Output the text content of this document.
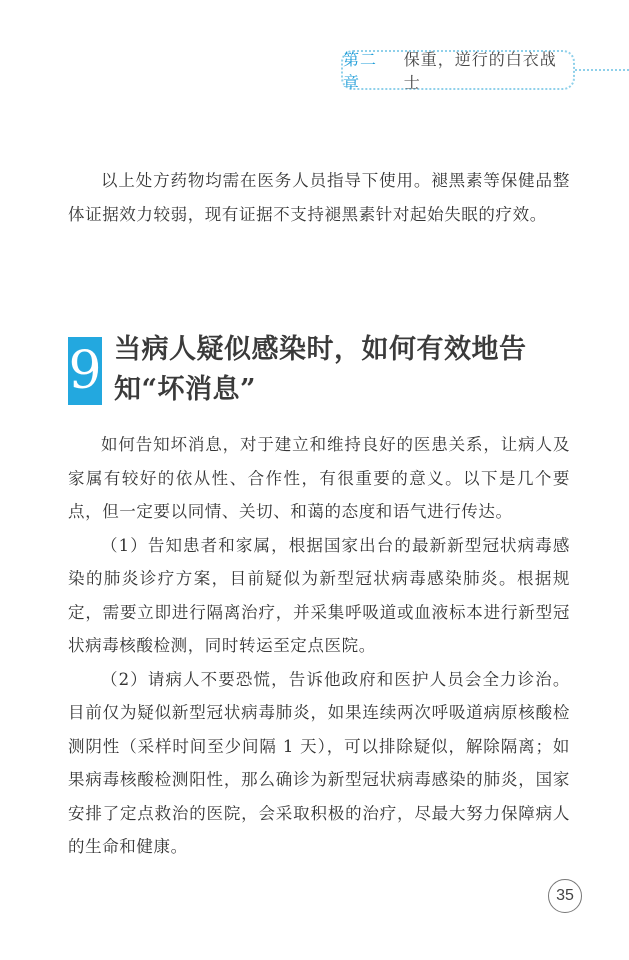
第二章
保重，逆行的白衣战士

以上处方药物均需在医务人员指导下使用。褪黑素等保健品整体证据效力较弱，现有证据不支持褪黑素针对起始失眠的疗效。

9 当病人疑似感染时，如何有效地告知“坏消息”

如何告知坏消息，对于建立和维持良好的医患关系，让病人及家属有较好的依从性、合作性，有很重要的意义。以下是几个要点，但一定要以同情、关切、和蔼的态度和语气进行传达。

（1）告知患者和家属，根据国家出台的最新新型冠状病毒感染的肺炎诊疗方案，目前疑似为新型冠状病毒感染肺炎。根据规定，需要立即进行隔离治疗，并采集呼吸道或血液标本进行新型冠状病毒核酸检测，同时转运至定点医院。

（2）请病人不要恐慌，告诉他政府和医护人员会全力诊治。目前仅为疑似新型冠状病毒肺炎，如果连续两次呼吸道病原核酸检测阴性（采样时间至少间隔 1 天），可以排除疑似，解除隔离；如果病毒核酸检测阳性，那么确诊为新型冠状病毒感染的肺炎，国家安排了定点救治的医院，会采取积极的治疗，尽最大努力保障病人的生命和健康。

35
